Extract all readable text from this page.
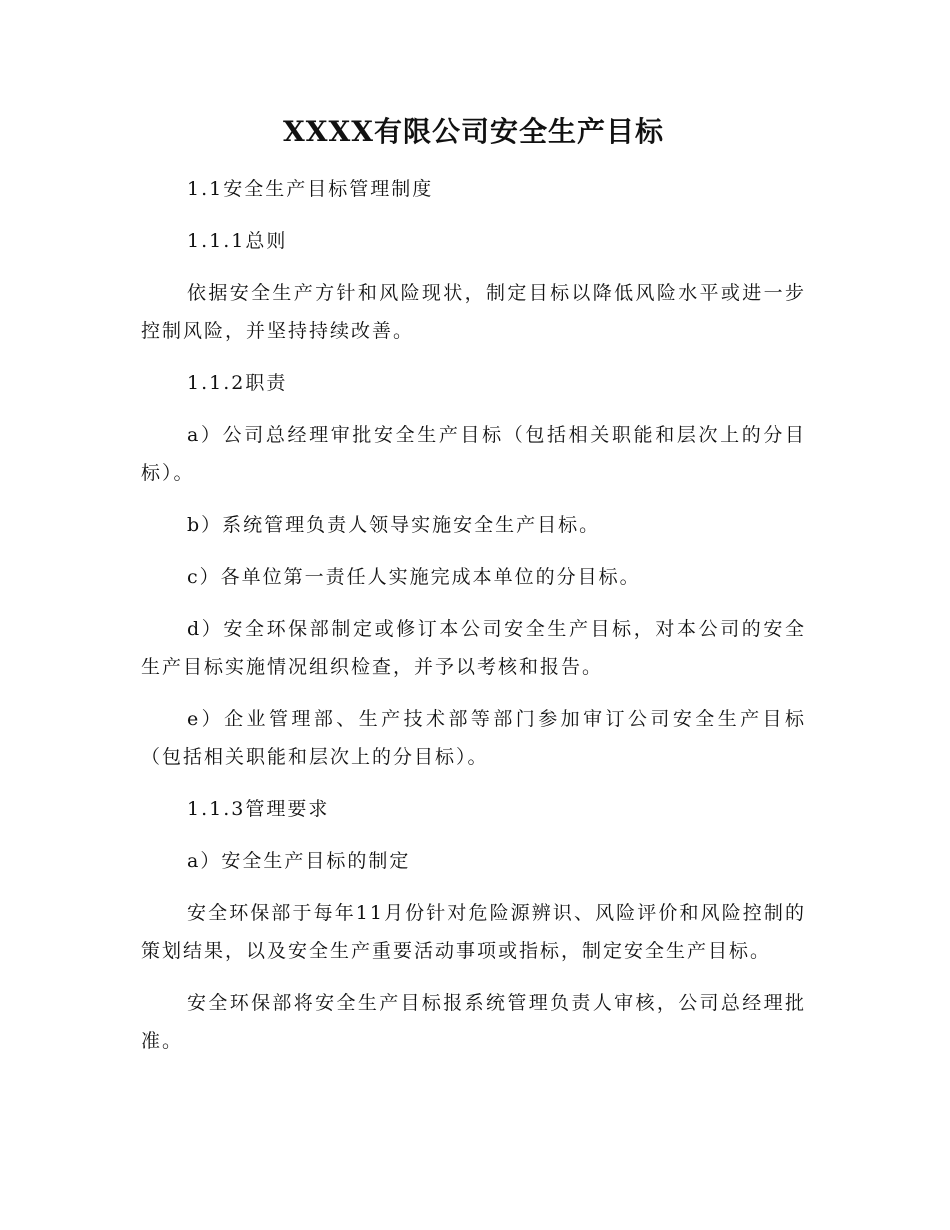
XXXX有限公司安全生产目标

1.1安全生产目标管理制度

1.1.1总则

依据安全生产方针和风险现状，制定目标以降低风险水平或进一步控制风险，并坚持持续改善。

1.1.2职责

a）公司总经理审批安全生产目标（包括相关职能和层次上的分目标）。

b）系统管理负责人领导实施安全生产目标。

c）各单位第一责任人实施完成本单位的分目标。

d）安全环保部制定或修订本公司安全生产目标，对本公司的安全生产目标实施情况组织检查，并予以考核和报告。

e）企业管理部、生产技术部等部门参加审订公司安全生产目标（包括相关职能和层次上的分目标）。

1.1.3管理要求

a）安全生产目标的制定

安全环保部于每年11月份针对危险源辨识、风险评价和风险控制的策划结果，以及安全生产重要活动事项或指标，制定安全生产目标。

安全环保部将安全生产目标报系统管理负责人审核，公司总经理批准。
